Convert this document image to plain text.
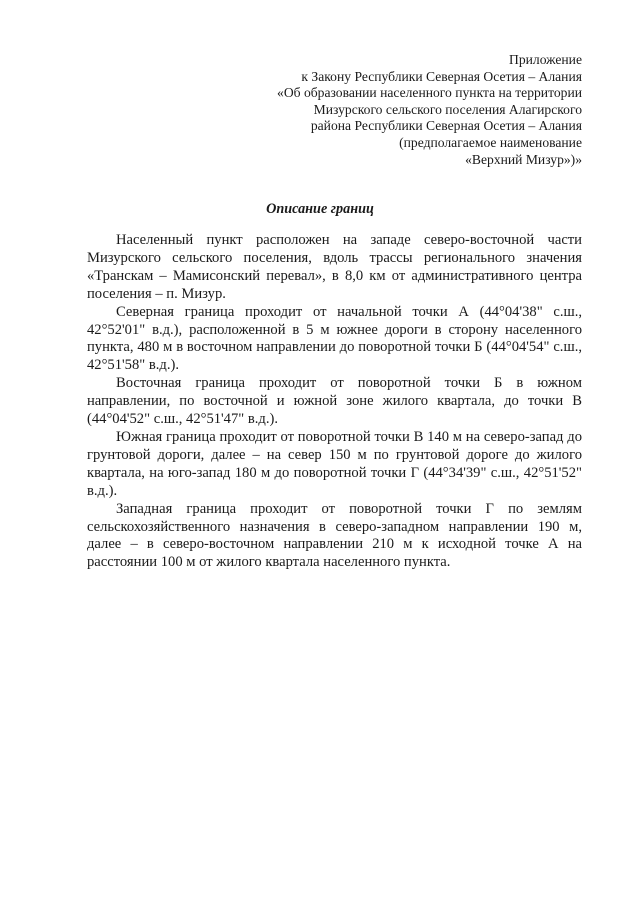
Приложение
к Закону Республики Северная Осетия – Алания
«Об образовании населенного пункта на территории
Мизурского сельского поселения Алагирского
района Республики Северная Осетия – Алания
(предполагаемое наименование
«Верхний Мизур»)»
Описание границ

Населенный пункт расположен на западе северо-восточной части Мизурского сельского поселения, вдоль трассы регионального значения «Транскам – Мамисонский перевал», в 8,0 км от административного центра поселения – п. Мизур.

Северная граница проходит от начальной точки А (44°04'38" с.ш., 42°52'01" в.д.), расположенной в 5 м южнее дороги в сторону населенного пункта, 480 м в восточном направлении до поворотной точки Б (44°04'54" с.ш., 42°51'58" в.д.).

Восточная граница проходит от поворотной точки Б в южном направлении, по восточной и южной зоне жилого квартала, до точки В (44°04'52" с.ш., 42°51'47" в.д.).

Южная граница проходит от поворотной точки В 140 м на северо-запад до грунтовой дороги, далее – на север 150 м по грунтовой дороге до жилого квартала, на юго-запад 180 м до поворотной точки Г (44°34'39" с.ш., 42°51'52" в.д.).

Западная граница проходит от поворотной точки Г по землям сельскохозяйственного назначения в северо-западном направлении 190 м, далее – в северо-восточном направлении 210 м к исходной точке А на расстоянии 100 м от жилого квартала населенного пункта.
